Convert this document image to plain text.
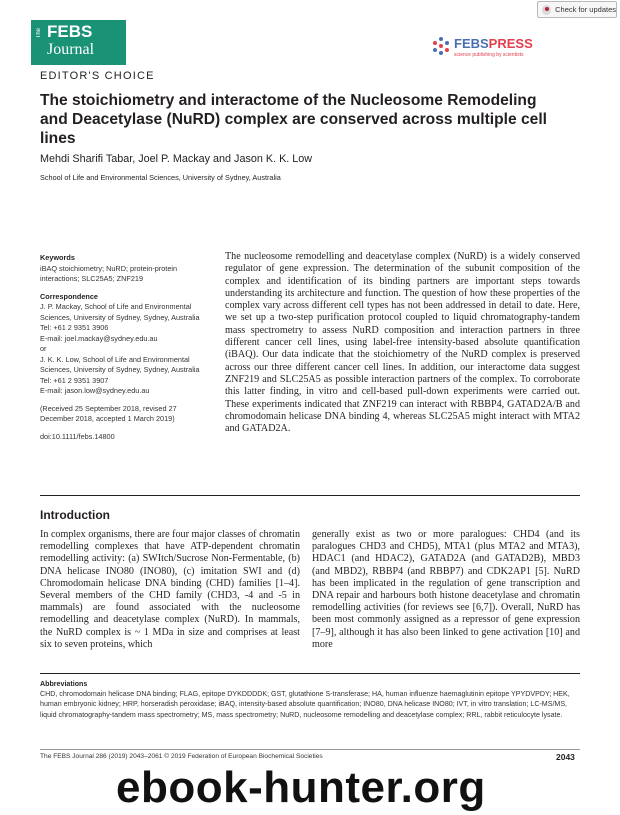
Check for updates
The FEBS
Journal
EDITOR'S CHOICE
FEBSPRESS
science publishing by scientists
The stoichiometry and interactome of the Nucleosome Remodeling and Deacetylase (NuRD) complex are conserved across multiple cell lines
Mehdi Sharifi Tabar, Joel P. Mackay and Jason K. K. Low
School of Life and Environmental Sciences, University of Sydney, Australia
Keywords
iBAQ stoichiometry; NuRD; protein-protein interactions; SLC25A5; ZNF219
Correspondence
J. P. Mackay, School of Life and Environmental Sciences, University of Sydney, Sydney, Australia
Tel: +61 2 9351 3906
E-mail: joel.mackay@sydney.edu.au
or
J. K. K. Low, School of Life and Environmental Sciences, University of Sydney, Sydney, Australia
Tel: +61 2 9351 3907
E-mail: jason.low@sydney.edu.au
(Received 25 September 2018, revised 27 December 2018, accepted 1 March 2019)
doi:10.1111/febs.14800

The nucleosome remodelling and deacetylase complex (NuRD) is a widely conserved regulator of gene expression. The determination of the subunit composition of the complex and identification of its binding partners are important steps towards understanding its architecture and function. The question of how these properties of the complex vary across different cell types has not been addressed in detail to date. Here, we set up a two-step purification protocol coupled to liquid chromatography-tandem mass spectrometry to assess NuRD composition and interaction partners in three different cancer cell lines, using label-free intensity-based absolute quantification (iBAQ). Our data indicate that the stoichiometry of the NuRD complex is preserved across our three different cancer cell lines. In addition, our interactome data suggest ZNF219 and SLC25A5 as possible interaction partners of the complex. To corroborate this latter finding, in vitro and cell-based pull-down experiments were carried out. These experiments indicated that ZNF219 can interact with RBBP4, GATAD2A/B and chromodomain helicase DNA binding 4, whereas SLC25A5 might interact with MTA2 and GATAD2A.

Introduction

In complex organisms, there are four major classes of chromatin remodelling complexes that have ATP-dependent chromatin remodelling activity: (a) SWItch/Sucrose Non-Fermentable, (b) DNA helicase INO80 (INO80), (c) imitation SWI and (d) Chromodomain helicase DNA binding (CHD) families [1–4]. Several members of the CHD family (CHD3, -4 and -5 in mammals) are found associated with the nucleosome remodelling and deacetylase complex (NuRD). In mammals, the NuRD complex is ~ 1 MDa in size and comprises at least six to seven proteins, which

generally exist as two or more paralogues: CHD4 (and its paralogues CHD3 and CHD5), MTA1 (plus MTA2 and MTA3), HDAC1 (and HDAC2), GATAD2A (and GATAD2B), MBD3 (and MBD2), RBBP4 (and RBBP7) and CDK2AP1 [5]. NuRD has been implicated in the regulation of gene transcription and DNA repair and harbours both histone deacetylase and chromatin remodelling activities (for reviews see [6,7]). Overall, NuRD has been most commonly assigned as a repressor of gene expression [7–9], although it has also been linked to gene activation [10] and more

Abbreviations
CHD, chromodomain helicase DNA binding; FLAG, epitope DYKDDDDK; GST, glutathione S-transferase; HA, human influenze haemaglutinin epitope YPYDVPDY; HEK, human embryonic kidney; HRP, horseradish peroxidase; iBAQ, intensity-based absolute quantification; INO80, DNA helicase INO80; IVT, in vitro translation; LC-MS/MS, liquid chromatography-tandem mass spectrometry; MS, mass spectrometry; NuRD, nucleosome remodelling and deacetylase complex; RRL, rabbit reticulocyte lysate.
The FEBS Journal 286 (2019) 2043–2061 © 2019 Federation of European Biochemical Societies	2043
ebook-hunter.org
